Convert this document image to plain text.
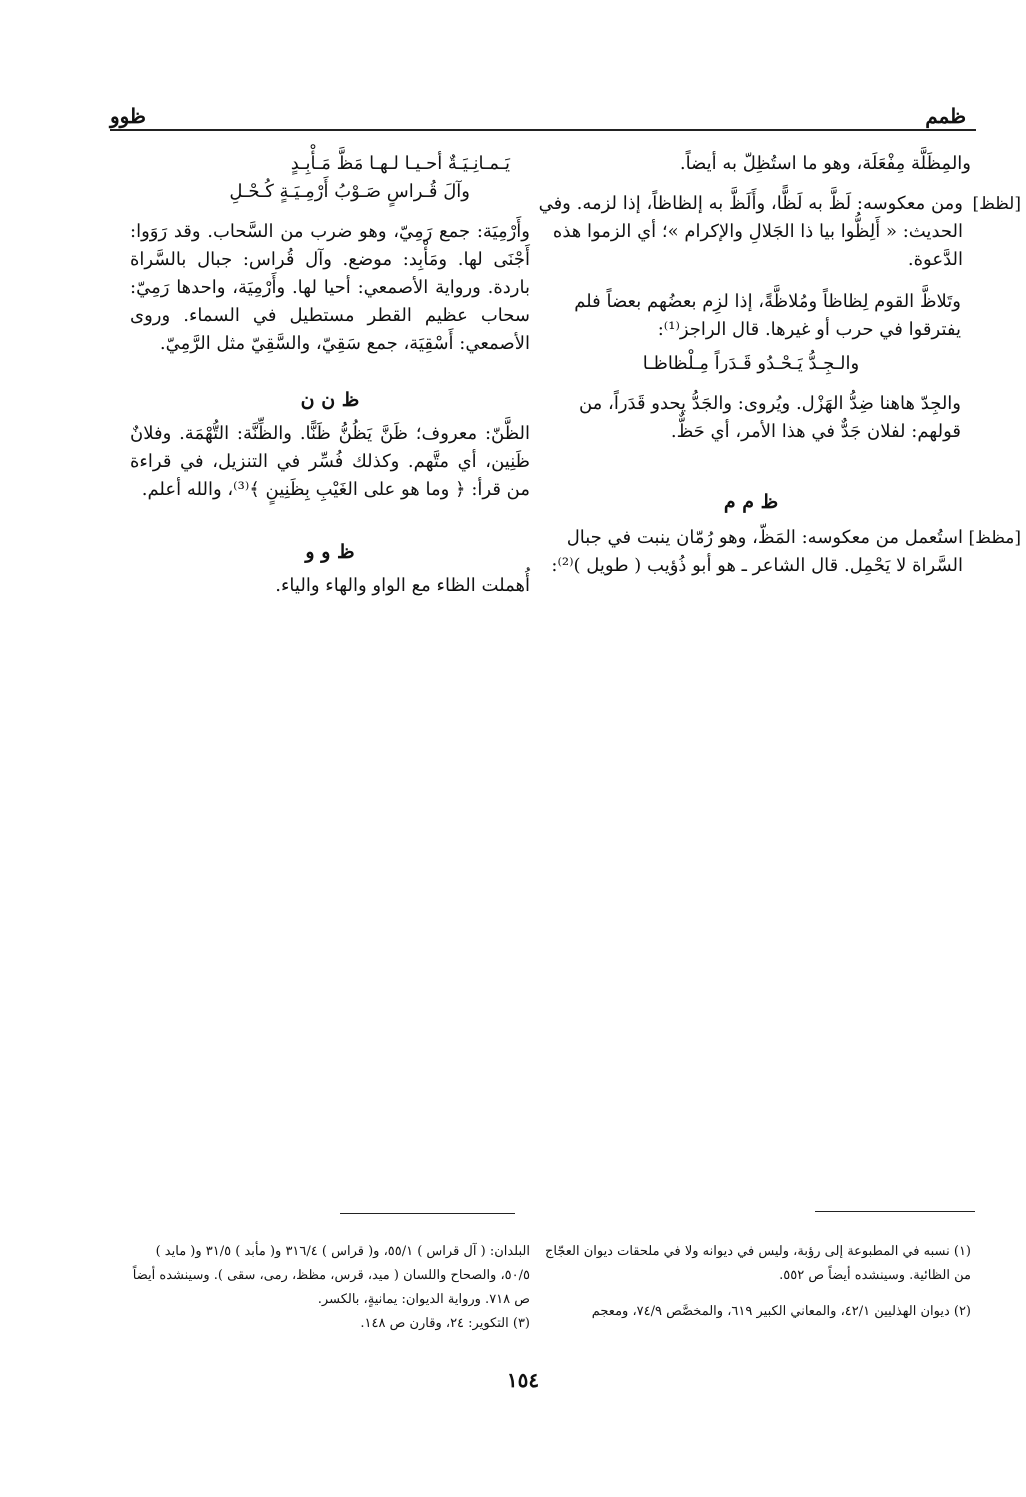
ظمم
ظوو

والمِظَلَّة مِفْعَلَة، وهو ما استُظِلّ به أيضاً.

[لظظ]

ومن معكوسه: لَظَّ به لَظًّا، وأَلَظَّ به إلظاظاً، إذا لزمه. وفي الحديث: « أَلِظُّوا بيا ذا الجَلالِ والإكرام »؛ أي الزموا هذه الدَّعوة.

وتَلاظَّ القوم لِظاظاً ومُلاظَّةً، إذا لزِم بعضُهم بعضاً فلم يفترقوا في حرب أو غيرها. قال الراجز⁽¹⁾:

والـجِـدُّ يَـحْـدُو قَـدَراً مِـلْظاظـا

والجِدّ هاهنا ضِدُّ الهَزْل. ويُروى: والجَدُّ يحدو قَدَراً، من قولهم: لفلان جَدٌّ في هذا الأمر، أي حَظٌّ.

ظ م م

[مظظ]

استُعمل من معكوسه: المَظّ، وهو رُمّان ينبت في جبال السَّراة لا يَحْمِل. قال الشاعر ـ هو أبو ذُؤيب ( طويل )⁽²⁾:

يَـمـانِـيَـةٌ أحـيـا لـهـا مَظَّ مَـأْبِـدٍ

وآلَ قُـراسٍ صَـوْبُ أَرْمِـيَـةٍ كُـحْـلِ

وأَرْمِيَة: جمع رَمِيّ، وهو ضرب من السَّحاب. وقد رَوَوا: أَجْنَى لها. ومَأْبِد: موضع. وآل قُراس: جبال بالسَّراة باردة. ورواية الأصمعي: أحيا لها. وأَرْمِيَة، واحدها رَمِيّ: سحاب عظيم القطر مستطيل في السماء. وروى الأصمعي: أَسْقِيَة، جمع سَقِيّ، والسَّقِيّ مثل الرَّمِيّ.

ظ ن ن

الظَّنّ: معروف؛ ظَنَّ يَظُنُّ ظَنًّا. والظِّنَّة: التُّهْمَة. وفلانٌ ظَنِين، أي متَّهم. وكذلك فُسِّر في التنزيل، في قراءة من قرأ: ﴿ وما هو على الغَيْبِ بِظَنِينٍ ﴾⁽³⁾، والله أعلم.

ظ و و

أُهملت الظاء مع الواو والهاء والياء.

(١) نسبه في المطبوعة إلى رؤبة، وليس في ديوانه ولا في ملحقات ديوان العجّاج من الظائية. وسينشده أيضاً ص ٥٥٢.

(٢) ديوان الهذليين ٤٢/١، والمعاني الكبير ٦١٩، والمخصَّص ٧٤/٩، ومعجم

البلدان: ( آل قراس ) ٥٥/١، و( قراس ) ٣١٦/٤ و( مأبد ) ٣١/٥ و( مايد ) ٥٠/٥، والصحاح واللسان ( ميد، قرس، مظظ، رمى، سقى ). وسينشده أيضاً ص ٧١٨. ورواية الديوان: يمانيةٍ، بالكسر.

(٣) التكوير: ٢٤، وقارن ص ١٤٨.

١٥٤
